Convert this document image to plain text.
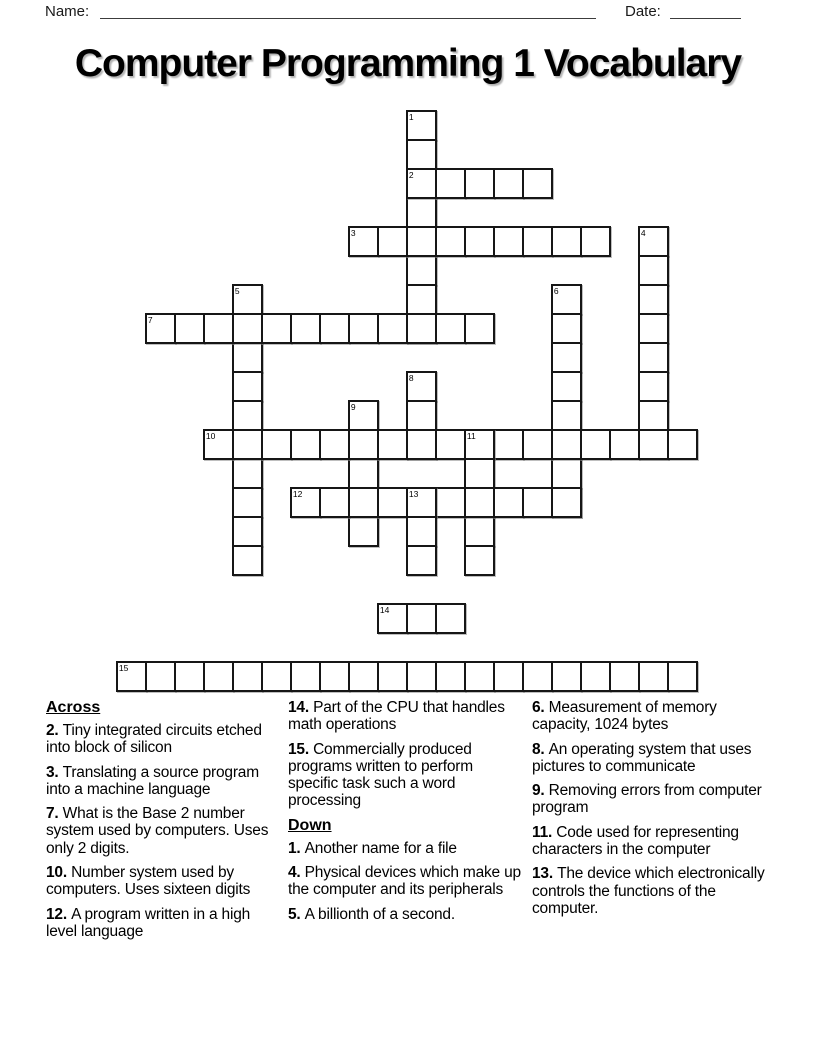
Name:	Date:
Computer Programming 1 Vocabulary
1
2
3	4
5	6
7
8
9
10	11
12	13
14
15
Across
2. Tiny integrated circuits etched into block of silicon
3. Translating a source program into a machine language
7. What is the Base 2 number system used by computers. Uses only 2 digits.
10. Number system used by computers. Uses sixteen digits
12. A program written in a high level language
14. Part of the CPU that handles math operations
15. Commercially produced programs written to perform specific task such a word processing
Down
1. Another name for a file
4. Physical devices which make up the computer and its peripherals
5. A billionth of a second.
6. Measurement of memory capacity, 1024 bytes
8. An operating system that uses pictures to communicate
9. Removing errors from computer program
11. Code used for representing characters in the computer
13. The device which electronically controls the functions of the computer.
